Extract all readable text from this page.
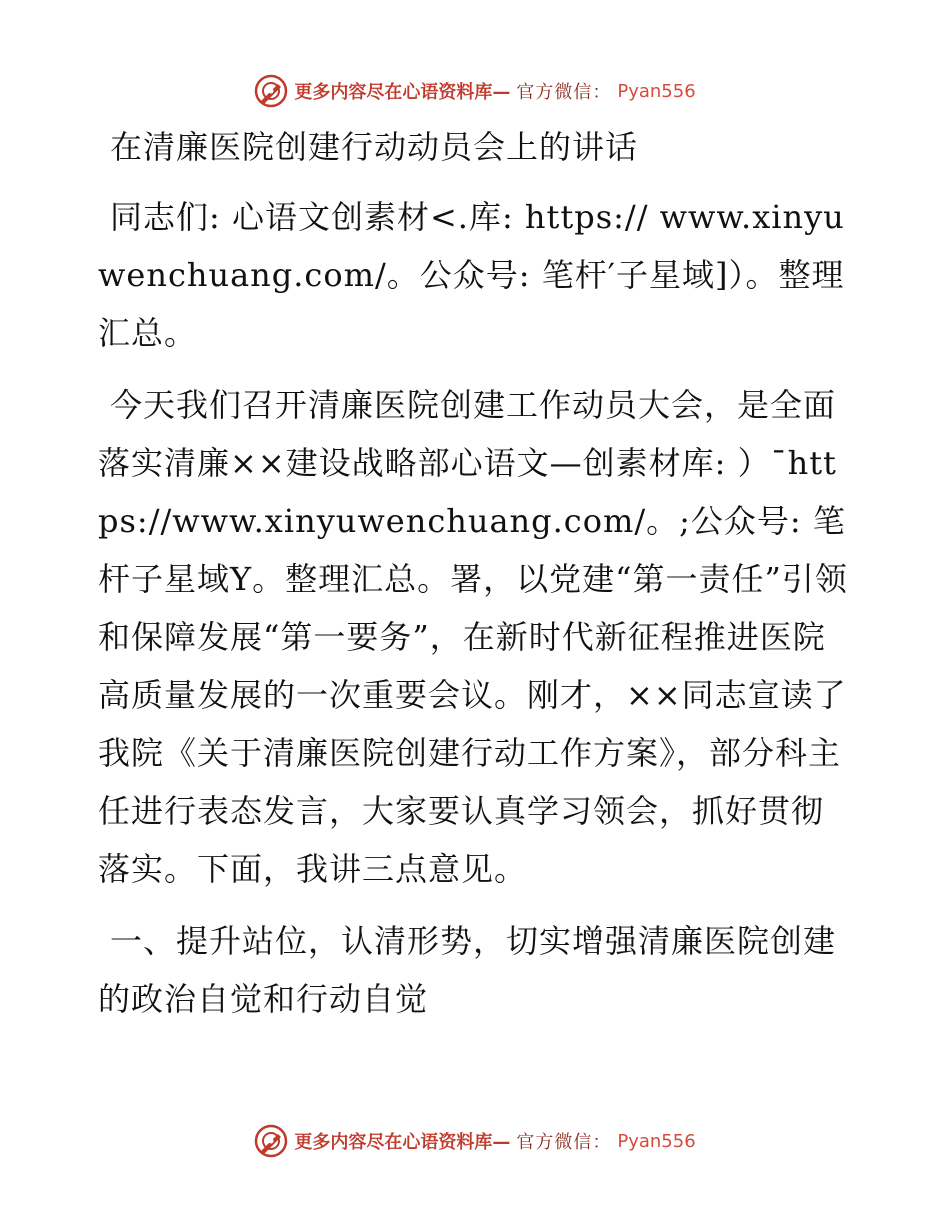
更多内容尽在心语资料库— 官方微信： Pyan556

在清廉医院创建行动动员会上的讲话

同志们: 心语文创素材<.库: https:// www.xinyuwenchuang.com/。公众号: 笔杆′子星域]）。整理汇总。

今天我们召开清廉医院创建工作动员大会，是全面落实清廉××建设战略部心语文—创素材库: ）¯https://www.xinyuwenchuang.com/。;公众号: 笔杆子星域Y。整理汇总。署，以党建“第一责任”引领和保障发展“第一要务”，在新时代新征程推进医院高质量发展的一次重要会议。刚才，××同志宣读了我院《关于清廉医院创建行动工作方案》，部分科主任进行表态发言，大家要认真学习领会，抓好贯彻落实。下面，我讲三点意见。

一、提升站位，认清形势，切实增强清廉医院创建的政治自觉和行动自觉

更多内容尽在心语资料库— 官方微信： Pyan556
